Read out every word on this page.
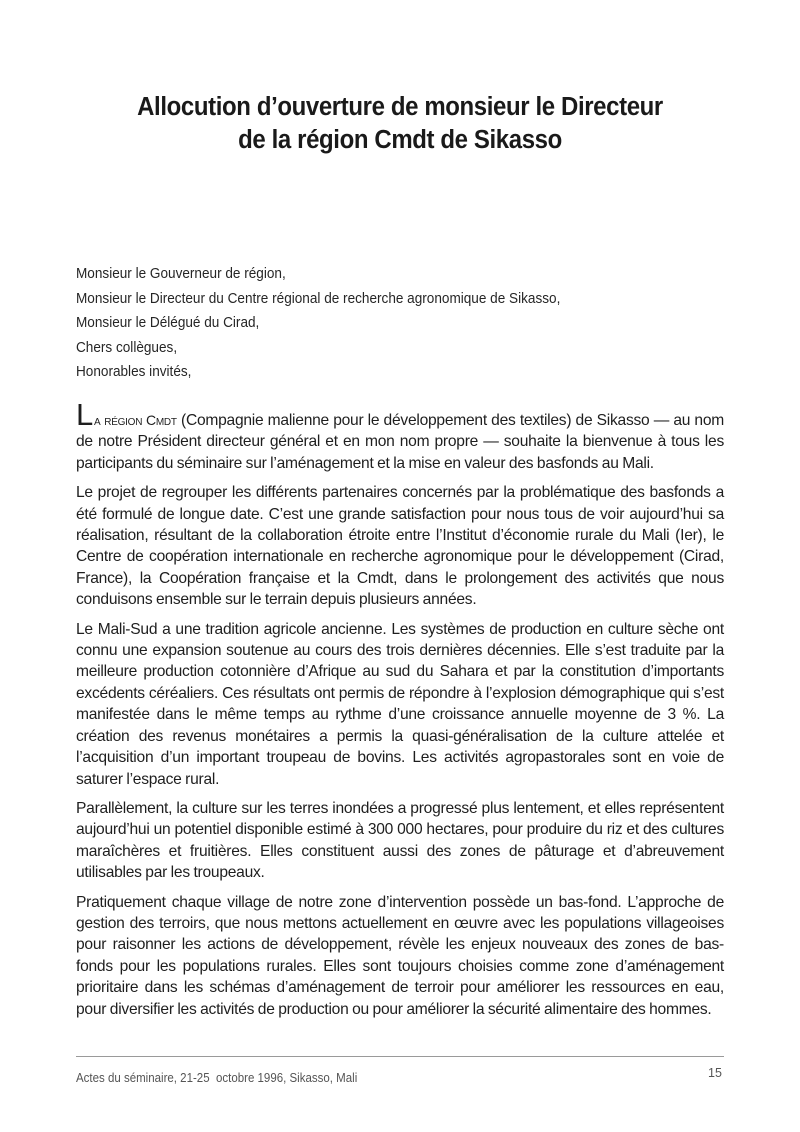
Allocution d’ouverture de monsieur le Directeur
de la région Cmdt de Sikasso
Monsieur le Gouverneur de région,
Monsieur le Directeur du Centre régional de recherche agronomique de Sikasso,
Monsieur le Délégué du Cirad,
Chers collègues,
Honorables invités,

La région Cmdt (Compagnie malienne pour le développement des textiles) de Sikasso — au nom de notre Président directeur général et en mon nom propre — souhaite la bienvenue à tous les participants du séminaire sur l’aménagement et la mise en valeur des basfonds au Mali.

Le projet de regrouper les différents partenaires concernés par la problématique des basfonds a été formulé de longue date. C’est une grande satisfaction pour nous tous de voir aujourd’hui sa réalisation, résultant de la collaboration étroite entre l’Institut d’économie rurale du Mali (Ier), le Centre de coopération internationale en recherche agronomique pour le développement (Cirad, France), la Coopération française et la Cmdt, dans le prolongement des activités que nous conduisons ensemble sur le terrain depuis plusieurs années.

Le Mali-Sud a une tradition agricole ancienne. Les systèmes de production en culture sèche ont connu une expansion soutenue au cours des trois dernières décennies. Elle s’est traduite par la meilleure production cotonnière d’Afrique au sud du Sahara et par la constitution d’importants excédents céréaliers. Ces résultats ont permis de répondre à l’explosion démographique qui s’est manifestée dans le même temps au rythme d’une croissance annuelle moyenne de 3 %. La création des revenus monétaires a permis la quasi-généralisation de la culture attelée et l’acquisition d’un important troupeau de bovins. Les activités agropastorales sont en voie de saturer l’espace rural.

Parallèlement, la culture sur les terres inondées a progressé plus lentement, et elles représentent aujourd’hui un potentiel disponible estimé à 300 000 hectares, pour produire du riz et des cultures maraîchères et fruitières. Elles constituent aussi des zones de pâturage et d’abreuvement utilisables par les troupeaux.

Pratiquement chaque village de notre zone d’intervention possède un bas-fond. L’approche de gestion des terroirs, que nous mettons actuellement en œuvre avec les populations villageoises pour raisonner les actions de développement, révèle les enjeux nouveaux des zones de bas-fonds pour les populations rurales. Elles sont toujours choisies comme zone d’aménagement prioritaire dans les schémas d’aménagement de terroir pour améliorer les ressources en eau, pour diversifier les activités de production ou pour améliorer la sécurité alimentaire des hommes.

Actes du séminaire, 21-25  octobre 1996, Sikasso, Mali	15
